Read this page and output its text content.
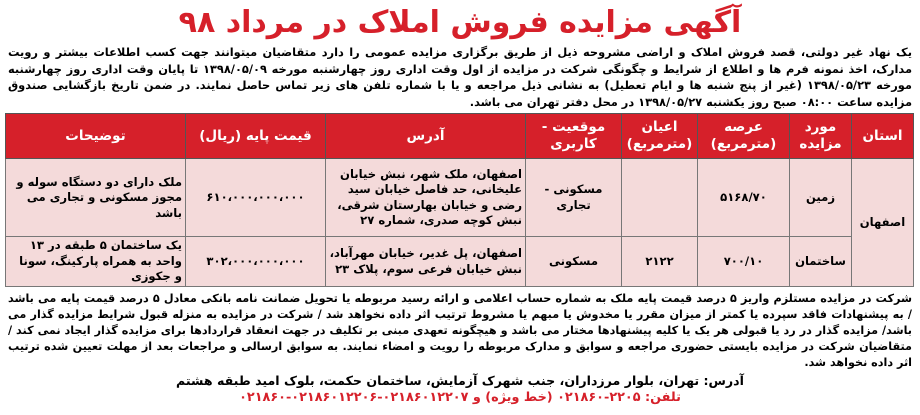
آگهی مزایده فروش املاک در مرداد ۹۸
یک نهاد غیر دولتی، قصد فروش املاک و اراضی مشروحه ذیل از طریق برگزاری مزایده عمومی را دارد متقاضیان میتوانند جهت کسب اطلاعات بیشتر و رویت مدارک، اخذ نمونه فرم ها و اطلاع از شرایط و چگونگی شرکت در مزایده از اول وقت اداری روز چهارشنبه مورخه ۱۳۹۸/۰۵/۰۹ تا پایان وقت اداری روز چهارشنبه مورخه ۱۳۹۸/۰۵/۲۳ (غیر از پنج شنبه ها و ایام تعطیل) به نشانی ذیل مراجعه و یا با شماره تلفن های زیر تماس حاصل نمایند. در ضمن تاریخ بازگشایی صندوق مزایده ساعت ۰۸:۰۰ صبح روز یکشنبه ۱۳۹۸/۰۵/۲۷ در محل دفتر تهران می باشد.
استان	مورد مزایده	عرصه (مترمربع)	اعیان (مترمربع)	موقعیت - کاربری	آدرس	قیمت پایه (ریال)	توضیحات
اصفهان	زمین	۵۱۶۸/۷۰		مسکونی - تجاری	اصفهان، ملک شهر، نبش خیابان علیخانی، حد فاصل خیابان سید رضی و خیابان بهارستان شرقی، نبش کوچه صدری، شماره ۲۷	۶۱۰،۰۰۰،۰۰۰،۰۰۰	ملک دارای دو دستگاه سوله و مجوز مسکونی و تجاری می باشد
	ساختمان	۷۰۰/۱۰	۲۱۲۲	مسکونی	اصفهان، پل غدیر، خیابان مهرآباد، نبش خیابان فرعی سوم، پلاک ۲۳	۳۰۲،۰۰۰،۰۰۰،۰۰۰	یک ساختمان ۵ طبقه در ۱۳ واحد به همراه پارکینگ، سونا و جکوزی
شرکت در مزایده مستلزم واریز ۵ درصد قیمت پایه ملک به شماره حساب اعلامی و ارائه رسید مربوطه یا تحویل ضمانت نامه بانکی معادل ۵ درصد قیمت پایه می باشد / به پیشنهادات فاقد سپرده یا کمتر از میزان مقرر یا مخدوش یا مبهم یا مشروط ترتیب اثر داده نخواهد شد / شرکت در مزایده به منزله قبول شرایط مزایده گذار می باشد/ مزایده گذار در رد یا قبولی هر یک یا کلیه پیشنهادها مختار می باشد و هیچگونه تعهدی مبنی بر تکلیف در جهت انعقاد قراردادها برای مزایده گذار ایجاد نمی کند / متقاضیان شرکت در مزایده بایستی حضوری مراجعه و سوابق و مدارک مربوطه را رویت و امضاء نمایند. به سوابق ارسالی و مراجعات بعد از مهلت تعیین شده ترتیب اثر داده نخواهد شد.
آدرس: تهران، بلوار مرزداران، جنب شهرک آزمایش، ساختمان حکمت، بلوک امید طبقه هشتم
تلفن: ۲۲۰۵-۰۲۱۸۶۰ (خط ویژه) و ۰۲۱۸۶۰۱۲۲۰۷-۰۲۱۸۶۰۱۲۲۰۶-۰۲۱۸۶۰
